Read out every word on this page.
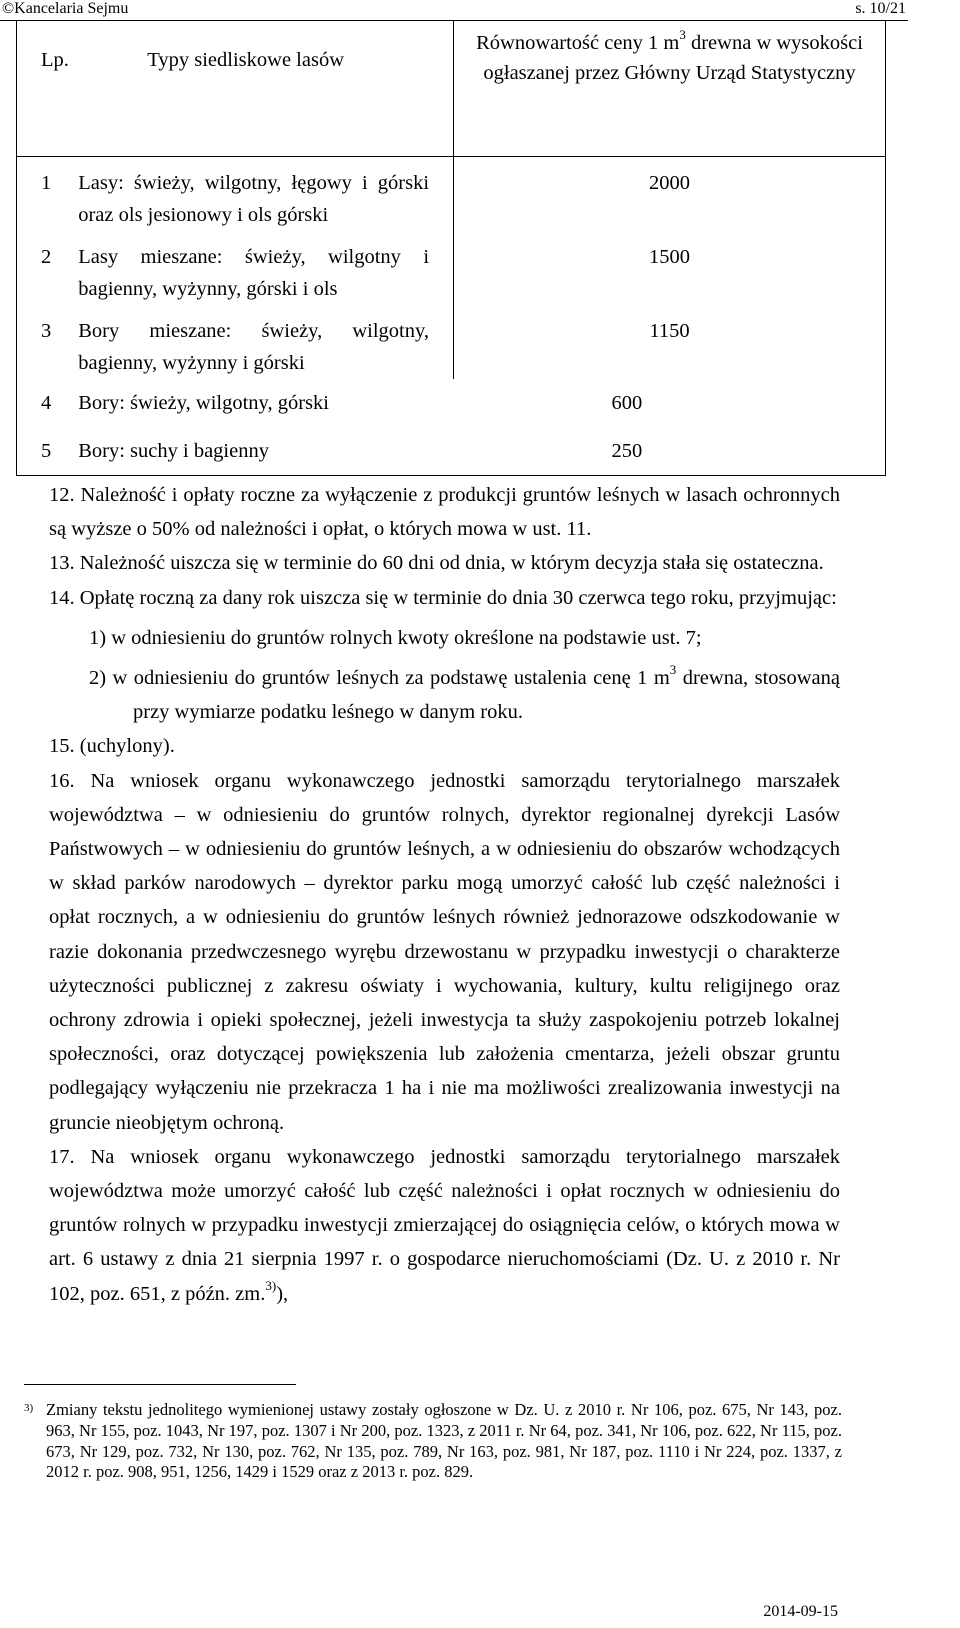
©Kancelaria Sejmu	s. 10/21
Lp.	Typy siedliskowe lasów	Równowartość ceny 1 $m^3$ drewna w wysokości ogłaszanej przez Główny Urząd Statystyczny
1	Lasy: świeży, wilgotny, łęgowy i górski oraz ols jesionowy i ols górski	2000
2	Lasy mieszane: świeży, wilgotny i bagienny, wyżynny, górski i ols	1500
3	Bory mieszane: świeży, wilgotny, bagienny, wyżynny i górski	1150
4	Bory: świeży, wilgotny, górski	600
5	Bory: suchy i bagienny	250

12. Należność i opłaty roczne za wyłączenie z produkcji gruntów leśnych w lasach ochronnych są wyższe o 50% od należności i opłat, o których mowa w ust. 11.

13. Należność uiszcza się w terminie do 60 dni od dnia, w którym decyzja stała się ostateczna.

14. Opłatę roczną za dany rok uiszcza się w terminie do dnia 30 czerwca tego roku, przyjmując:

1) w odniesieniu do gruntów rolnych kwoty określone na podstawie ust. 7;

2) w odniesieniu do gruntów leśnych za podstawę ustalenia cenę 1 $m^3$ drewna, stosowaną przy wymiarze podatku leśnego w danym roku.

15. (uchylony).

16. Na wniosek organu wykonawczego jednostki samorządu terytorialnego marszałek województwa – w odniesieniu do gruntów rolnych, dyrektor regionalnej dyrekcji Lasów Państwowych – w odniesieniu do gruntów leśnych, a w odniesieniu do obszarów wchodzących w skład parków narodowych – dyrektor parku mogą umorzyć całość lub część należności i opłat rocznych, a w odniesieniu do gruntów leśnych również jednorazowe odszkodowanie w razie dokonania przedwczesnego wyrębu drzewostanu w przypadku inwestycji o charakterze użyteczności publicznej z zakresu oświaty i wychowania, kultury, kultu religijnego oraz ochrony zdrowia i opieki społecznej, jeżeli inwestycja ta służy zaspokojeniu potrzeb lokalnej społeczności, oraz dotyczącej powiększenia lub założenia cmentarza, jeżeli obszar gruntu podlegający wyłączeniu nie przekracza 1 ha i nie ma możliwości zrealizowania inwestycji na gruncie nieobjętym ochroną.

17. Na wniosek organu wykonawczego jednostki samorządu terytorialnego marszałek województwa może umorzyć całość lub część należności i opłat rocznych w odniesieniu do gruntów rolnych w przypadku inwestycji zmierzającej do osiągnięcia celów, o których mowa w art. 6 ustawy z dnia 21 sierpnia 1997 r. o gospodarce nieruchomościami (Dz. U. z 2010 r. Nr 102, poz. 651, z późn. zm.$^{3)}$),

3) Zmiany tekstu jednolitego wymienionej ustawy zostały ogłoszone w Dz. U. z 2010 r. Nr 106, poz. 675, Nr 143, poz. 963, Nr 155, poz. 1043, Nr 197, poz. 1307 i Nr 200, poz. 1323, z 2011 r. Nr 64, poz. 341, Nr 106, poz. 622, Nr 115, poz. 673, Nr 129, poz. 732, Nr 130, poz. 762, Nr 135, poz. 789, Nr 163, poz. 981, Nr 187, poz. 1110 i Nr 224, poz. 1337, z 2012 r. poz. 908, 951, 1256, 1429 i 1529 oraz z 2013 r. poz. 829.
2014-09-15
